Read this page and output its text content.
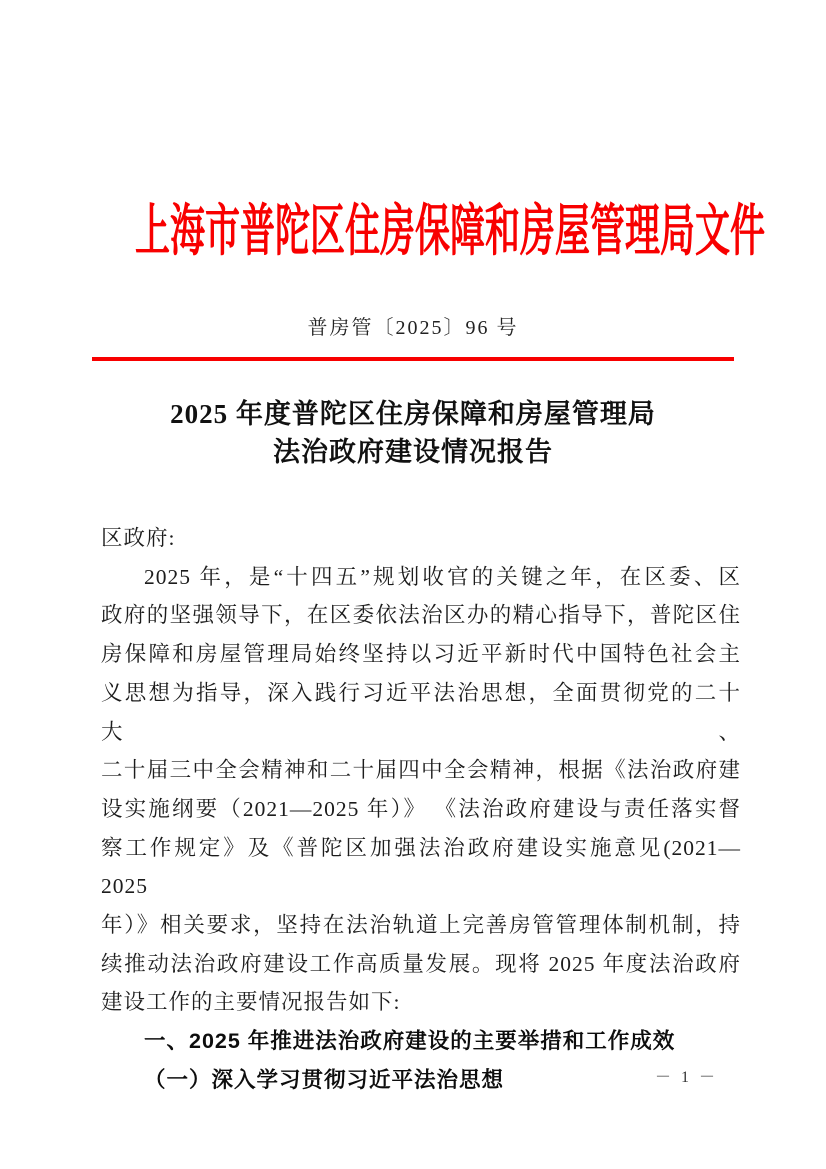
上海市普陀区住房保障和房屋管理局文件
普房管〔2025〕96 号
2025 年度普陀区住房保障和房屋管理局
法治政府建设情况报告
区政府:
2025 年，是“十四五”规划收官的关键之年，在区委、区
政府的坚强领导下，在区委依法治区办的精心指导下，普陀区住
房保障和房屋管理局始终坚持以习近平新时代中国特色社会主
义思想为指导，深入践行习近平法治思想，全面贯彻党的二十大、
二十届三中全会精神和二十届四中全会精神，根据《法治政府建
设实施纲要（2021—2025 年）》 《法治政府建设与责任落实督
察工作规定》及《普陀区加强法治政府建设实施意见(2021—2025
年）》相关要求，坚持在法治轨道上完善房管管理体制机制，持
续推动法治政府建设工作高质量发展。现将 2025 年度法治政府
建设工作的主要情况报告如下:
一、2025 年推进法治政府建设的主要举措和工作成效
（一）深入学习贯彻习近平法治思想	－ 1 －
